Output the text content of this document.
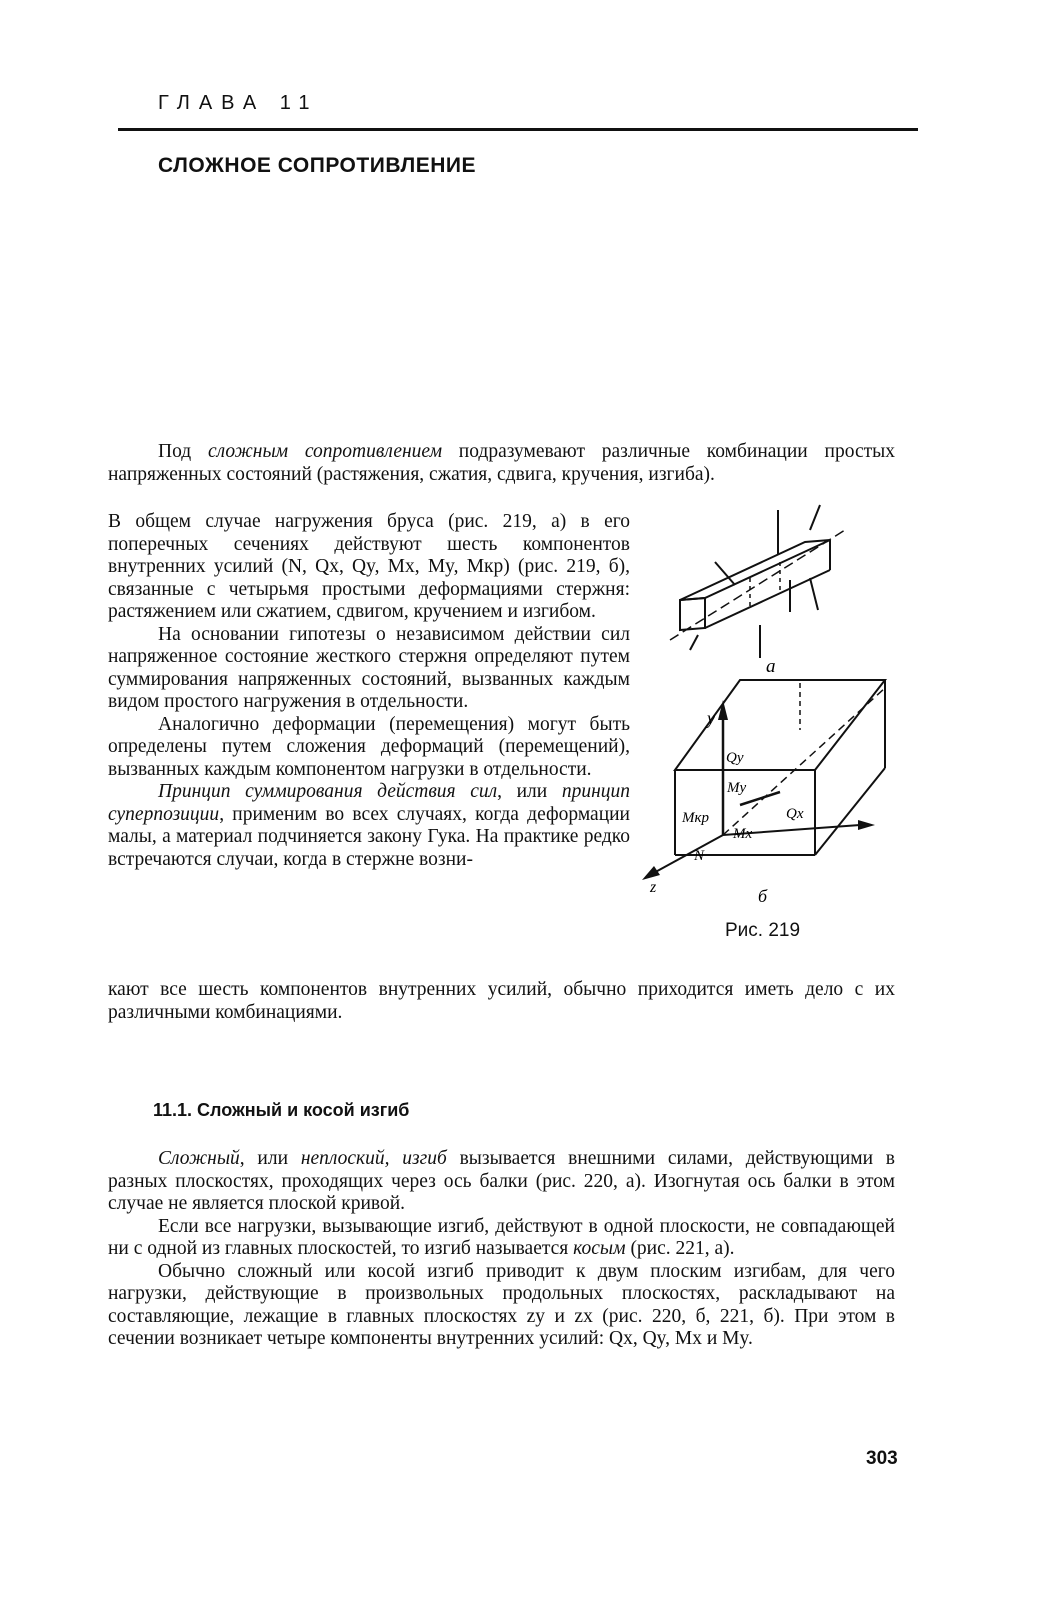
ГЛАВА 11
СЛОЖНОЕ СОПРОТИВЛЕНИЕ

Под сложным сопротивлением подразумевают различные комбинации простых напряженных состояний (растяжения, сжатия, сдвига, кручения, изгиба).

В общем случае нагружения бруса (рис. 219, а) в его поперечных сечениях действуют шесть компонентов внутренних усилий (N, Qx, Qy, Mx, My, Mкр) (рис. 219, б), связанные с четырьмя простыми деформациями стержня: растяжением или сжатием, сдвигом, кручением и изгибом.

На основании гипотезы о независимом действии сил напряженное состояние жесткого стержня определяют путем суммирования напряженных состояний, вызванных каждым видом простого нагружения в отдельности.

Аналогично деформации (перемещения) могут быть определены путем сложения деформаций (перемещений), вызванных каждым компонентом нагрузки в отдельности.

Принцип суммирования действия сил, или принцип суперпозиции, применим во всех случаях, когда деформации малы, а материал подчиняется закону Гука. На практике редко встречаются случаи, когда в стержне возни-

кают все шесть компонентов внутренних усилий, обычно приходится иметь дело с их различными комбинациями.

а
y
Qy
My
Qx
Mкр
Mx
N
z	б
Рис. 219
11.1. Сложный и косой изгиб

Сложный, или неплоский, изгиб вызывается внешними силами, действующими в разных плоскостях, проходящих через ось балки (рис. 220, а). Изогнутая ось балки в этом случае не является плоской кривой.

Если все нагрузки, вызывающие изгиб, действуют в одной плоскости, не совпадающей ни с одной из главных плоскостей, то изгиб называется косым (рис. 221, а).

Обычно сложный или косой изгиб приводит к двум плоским изгибам, для чего нагрузки, действующие в произвольных продольных плоскостях, раскладывают на составляющие, лежащие в главных плоскостях zy и zx (рис. 220, б, 221, б). При этом в сечении возникает четыре компоненты внутренних усилий: Qx, Qy, Mx и My.

303
